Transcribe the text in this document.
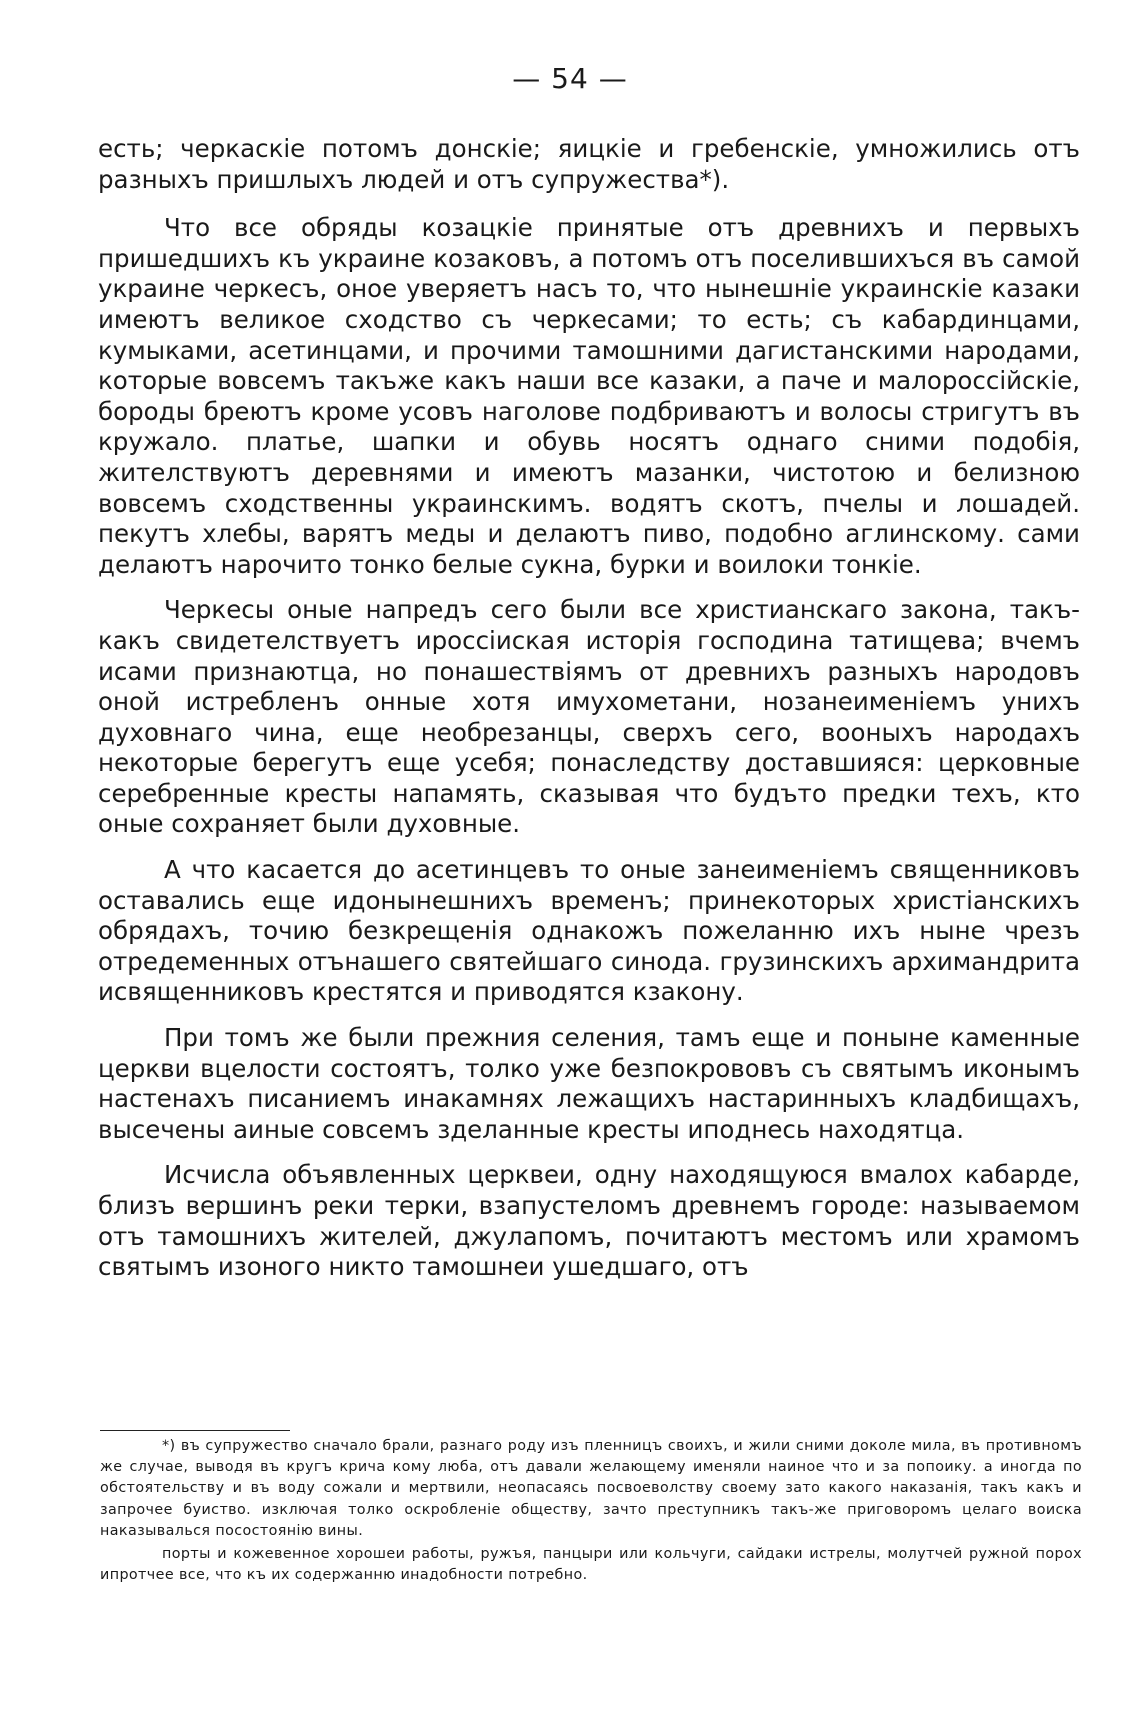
— 54 —

есть; черкаскіе потомъ донскіе; яицкіе и гребенскіе, умножились отъ разныхъ пришлыхъ людей и отъ супружества*).

Что все обряды козацкіе принятые отъ древнихъ и первыхъ пришедшихъ къ украине козаковъ, а потомъ отъ поселившихъся въ самой украине черкесъ, оное уверяетъ насъ то, что нынешніе украинскіе казаки имеютъ великое сходство съ черкесами; то есть; съ кабардинцами, кумыками, асетинцами, и прочими тамошними дагистанскими народами, которые вовсемъ такъже какъ наши все казаки, а паче и малороссійскіе, бороды бреютъ кроме усовъ наголове подбриваютъ и волосы стригутъ въ кружало. платье, шапки и обувь носятъ однаго сними подобія, жителствуютъ деревнями и имеютъ мазанки, чистотою и белизною вовсемъ сходственны украинскимъ. водятъ скотъ, пчелы и лошадей. пекутъ хлебы, варятъ меды и делаютъ пиво, подобно аглинскому. сами делаютъ нарочито тонко белые сукна, бурки и воилоки тонкіе.

Черкесы оные напредъ сего были все христианскаго закона, такъ-какъ свидетелствуетъ ироссіиская исторія господина татищева; вчемъ исами признаютца, но понашествіямъ от древнихъ разныхъ народовъ оной истребленъ онные хотя имухометани, нозанеименіемъ унихъ духовнаго чина, еще необрезанцы, сверхъ сего, вооныхъ народахъ некоторые берегутъ еще усебя; понаследству доставшияся: церковные серебренные кресты напамять, сказывая что будъто предки техъ, кто оные сохраняет были духовные.

А что касается до асетинцевъ то оные занеименіемъ священниковъ оставались еще идонынешнихъ временъ; принекоторых христіанскихъ обрядахъ, точию безкрещенія однакожъ пожеланню ихъ ныне чрезъ отредеменных отънашего святейшаго синода. грузинскихъ архимандрита исвященниковъ крестятся и приводятся кзакону.

При томъ же были прежния селения, тамъ еще и поныне каменные церкви вцелости состоятъ, толко уже безпокрововъ съ святымъ иконымъ настенахъ писаниемъ инакамнях лежащихъ настаринныхъ кладбищахъ, высечены аиные совсемъ зделанные кресты иподнесь находятца.

Исчисла объявленных церквеи, одну находящуюся вмалох кабарде, близъ вершинъ реки терки, взапустеломъ древнемъ городе: называемом отъ тамошнихъ жителей, джулапомъ, почитаютъ местомъ или храмомъ святымъ изоного никто тамошнеи ушедшаго, отъ

*) въ супружество сначало брали, разнаго роду изъ пленницъ своихъ, и жили сними доколе мила, въ противномъ же случае, выводя въ кругъ крича кому люба, отъ давали желающему именяли наиное что и за попоику. а иногда по обстоятельству и въ воду сожали и мертвили, неопасаясь посвоеволству своему зато какого наказанія, такъ какъ и запрочее буиство. изключая толко оскробленіе обществу, зачто преступникъ такъ-же приговоромъ целаго воиска наказывалься посостоянію вины.

порты и кожевенное хорошеи работы, ружъя, панцыри или кольчуги, сайдаки истрелы, молутчей ружной порох ипротчее все, что къ их содержанню инадобности потребно.
